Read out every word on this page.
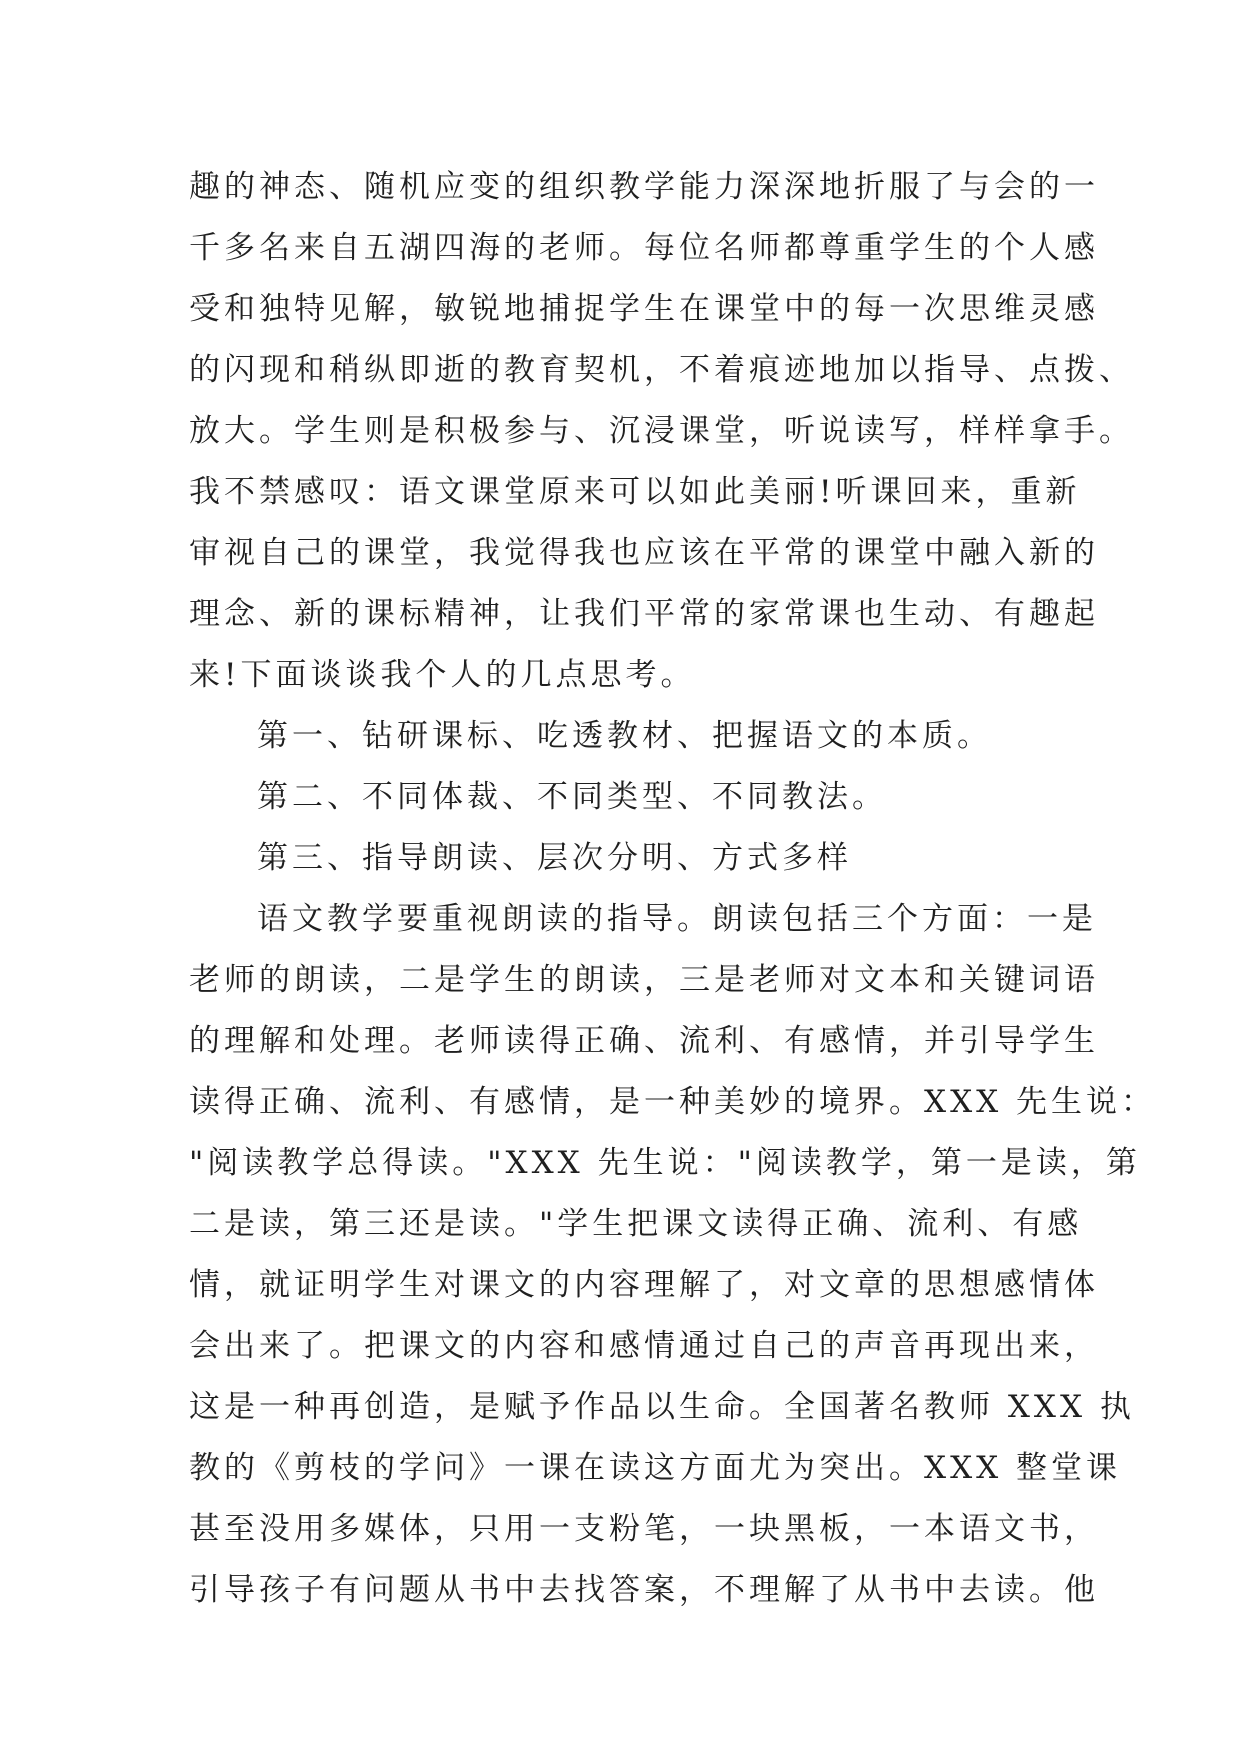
趣的神态、随机应变的组织教学能力深深地折服了与会的一
千多名来自五湖四海的老师。每位名师都尊重学生的个人感
受和独特见解，敏锐地捕捉学生在课堂中的每一次思维灵感
的闪现和稍纵即逝的教育契机，不着痕迹地加以指导、点拨、
放大。学生则是积极参与、沉浸课堂，听说读写，样样拿手。
我不禁感叹：语文课堂原来可以如此美丽!听课回来，重新
审视自己的课堂，我觉得我也应该在平常的课堂中融入新的
理念、新的课标精神，让我们平常的家常课也生动、有趣起
来!下面谈谈我个人的几点思考。
第一、钻研课标、吃透教材、把握语文的本质。
第二、不同体裁、不同类型、不同教法。
第三、指导朗读、层次分明、方式多样
语文教学要重视朗读的指导。朗读包括三个方面：一是
老师的朗读，二是学生的朗读，三是老师对文本和关键词语
的理解和处理。老师读得正确、流利、有感情，并引导学生
读得正确、流利、有感情，是一种美妙的境界。XXX 先生说：
"阅读教学总得读。"XXX 先生说："阅读教学，第一是读，第
二是读，第三还是读。"学生把课文读得正确、流利、有感
情，就证明学生对课文的内容理解了，对文章的思想感情体
会出来了。把课文的内容和感情通过自己的声音再现出来，
这是一种再创造，是赋予作品以生命。全国著名教师 XXX 执
教的《剪枝的学问》一课在读这方面尤为突出。XXX 整堂课
甚至没用多媒体，只用一支粉笔，一块黑板，一本语文书，
引导孩子有问题从书中去找答案，不理解了从书中去读。他
